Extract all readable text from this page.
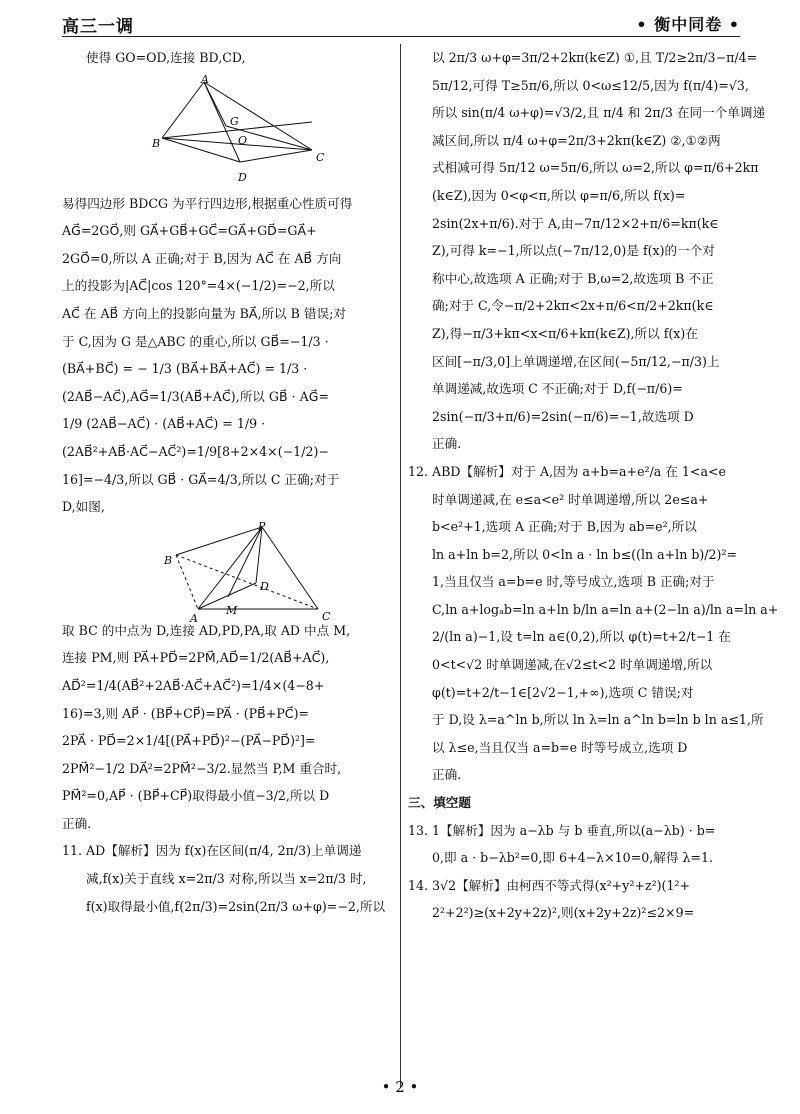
高三一调	• 衡中同卷 •
使得 GO=OD,连接 BD,CD,
A
G
O
B
C
D
易得四边形 BDCG 为平行四边形,根据重心性质可得
AG⃗=2GO⃗,则 GA⃗+GB⃗+GC⃗=GA⃗+GD⃗=GA⃗+
2GO⃗=0,所以 A 正确;对于 B,因为 AC⃗ 在 AB⃗ 方向
上的投影为|AC⃗|cos 120°=4×(−1/2)=−2,所以
AC⃗ 在 AB⃗ 方向上的投影向量为 BA⃗,所以 B 错误;对
于 C,因为 G 是△ABC 的重心,所以 GB⃗=−1/3 ·
(BA⃗+BC⃗) = − 1/3 (BA⃗+BA⃗+AC⃗) = 1/3 ·
(2AB⃗−AC⃗),AG⃗=1/3(AB⃗+AC⃗),所以 GB⃗ · AG⃗=
1/9 (2AB⃗−AC⃗) · (AB⃗+AC⃗) = 1/9 ·
(2AB⃗²+AB⃗·AC⃗−AC⃗²)=1/9[8+2×4×(−1/2)−
16]=−4/3,所以 GB⃗ · GA⃗=4/3,所以 C 正确;对于
D,如图,
P
B
D
M
A	C
取 BC 的中点为 D,连接 AD,PD,PA,取 AD 中点 M,
连接 PM,则 PA⃗+PD⃗=2PM⃗,AD⃗=1/2(AB⃗+AC⃗),
AD⃗²=1/4(AB⃗²+2AB⃗·AC⃗+AC⃗²)=1/4×(4−8+
16)=3,则 AP⃗ · (BP⃗+CP⃗)=PA⃗ · (PB⃗+PC⃗)=
2PA⃗ · PD⃗=2×1/4[(PA⃗+PD⃗)²−(PA⃗−PD⃗)²]=
2PM⃗²−1/2 DA⃗²=2PM⃗²−3/2.显然当 P,M 重合时,
PM⃗²=0,AP⃗ · (BP⃗+CP⃗)取得最小值−3/2,所以 D
正确.
11. AD【解析】因为 f(x)在区间(π/4, 2π/3)上单调递
减,f(x)关于直线 x=2π/3 对称,所以当 x=2π/3 时,
f(x)取得最小值,f(2π/3)=2sin(2π/3 ω+φ)=−2,所以
以 2π/3 ω+φ=3π/2+2kπ(k∈Z) ①,且 T/2≥2π/3−π/4=
5π/12,可得 T≥5π/6,所以 0<ω≤12/5,因为 f(π/4)=√3,
所以 sin(π/4 ω+φ)=√3/2,且 π/4 和 2π/3 在同一个单调递
减区间,所以 π/4 ω+φ=2π/3+2kπ(k∈Z) ②,①②两
式相减可得 5π/12 ω=5π/6,所以 ω=2,所以 φ=π/6+2kπ
(k∈Z),因为 0<φ<π,所以 φ=π/6,所以 f(x)=
2sin(2x+π/6).对于 A,由−7π/12×2+π/6=kπ(k∈
Z),可得 k=−1,所以点(−7π/12,0)是 f(x)的一个对
称中心,故选项 A 正确;对于 B,ω=2,故选项 B 不正
确;对于 C,令−π/2+2kπ<2x+π/6<π/2+2kπ(k∈
Z),得−π/3+kπ<x<π/6+kπ(k∈Z),所以 f(x)在
区间[−π/3,0]上单调递增,在区间(−5π/12,−π/3)上
单调递减,故选项 C 不正确;对于 D,f(−π/6)=
2sin(−π/3+π/6)=2sin(−π/6)=−1,故选项 D
正确.
12. ABD【解析】对于 A,因为 a+b=a+e²/a 在 1<a<e
时单调递减,在 e≤a<e² 时单调递增,所以 2e≤a+
b<e²+1,选项 A 正确;对于 B,因为 ab=e²,所以
ln a+ln b=2,所以 0<ln a · ln b≤((ln a+ln b)/2)²=
1,当且仅当 a=b=e 时,等号成立,选项 B 正确;对于
C,ln a+logₐb=ln a+ln b/ln a=ln a+(2−ln a)/ln a=ln a+
2/(ln a)−1,设 t=ln a∈(0,2),所以 φ(t)=t+2/t−1 在
0<t<√2 时单调递减,在√2≤t<2 时单调递增,所以
φ(t)=t+2/t−1∈[2√2−1,+∞),选项 C 错误;对
于 D,设 λ=a^ln b,所以 ln λ=ln a^ln b=ln b ln a≤1,所
以 λ≤e,当且仅当 a=b=e 时等号成立,选项 D
正确.
三、填空题
13. 1【解析】因为 a−λb 与 b 垂直,所以(a−λb) · b=
0,即 a · b−λb²=0,即 6+4−λ×10=0,解得 λ=1.
14. 3√2【解析】由柯西不等式得(x²+y²+z²)(1²+
2²+2²)≥(x+2y+2z)²,则(x+2y+2z)²≤2×9=
• 2 •
